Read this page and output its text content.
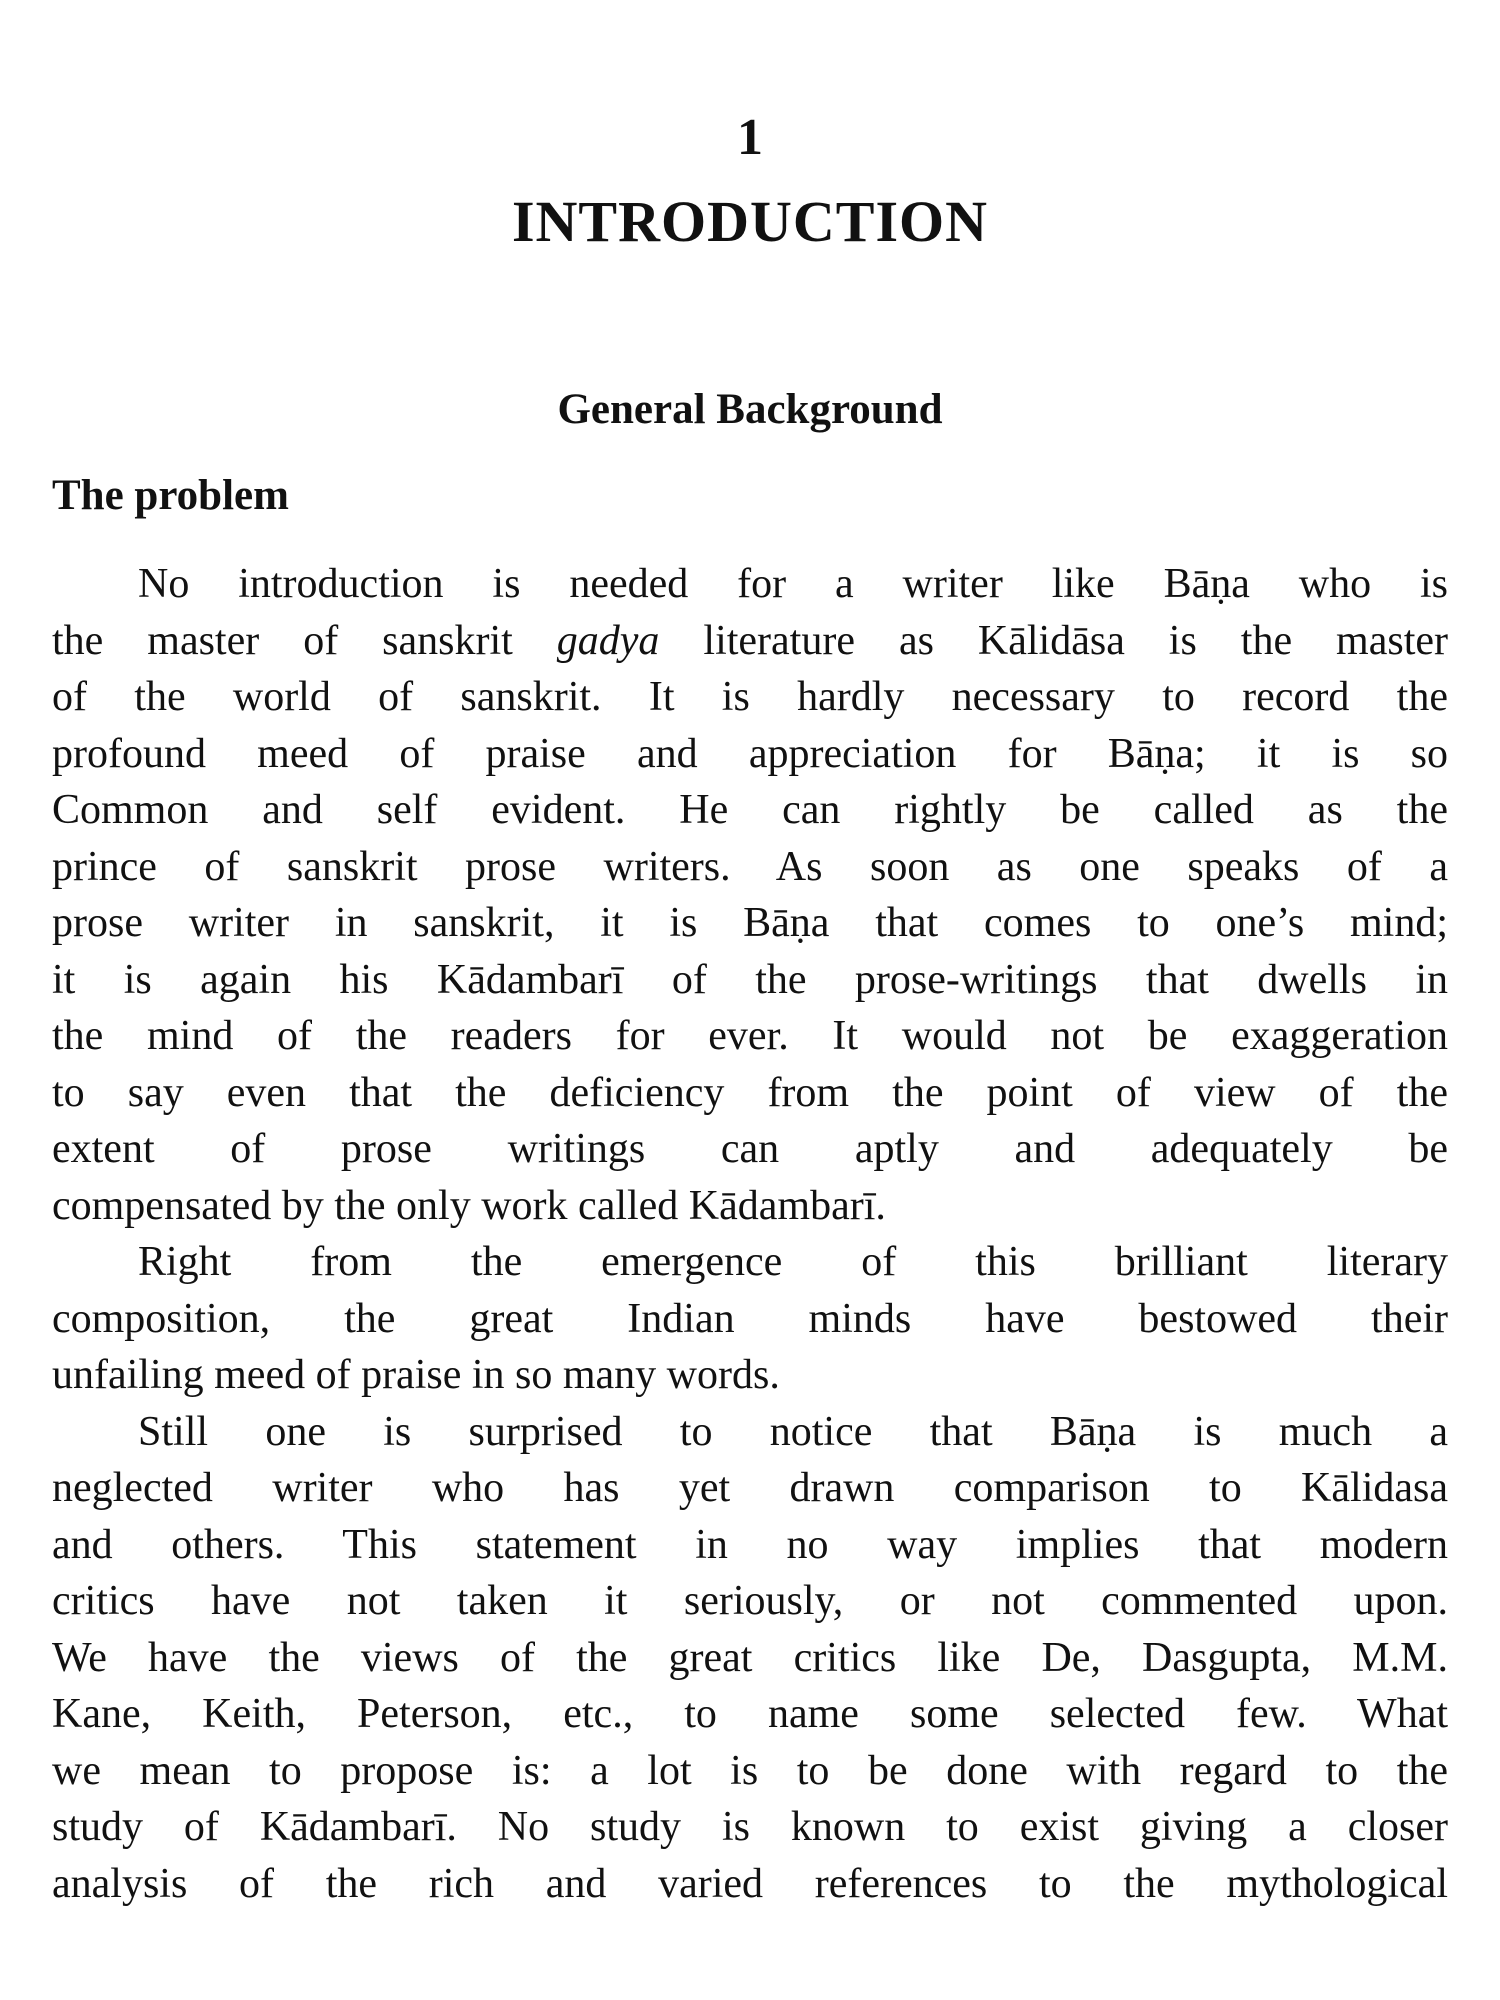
1
INTRODUCTION
General Background
The problem
No introduction is needed for a writer like Bāṇa who is
the master of sanskrit gadya literature as Kālidāsa is the master
of the world of sanskrit. It is hardly necessary to record the
profound meed of praise and appreciation for Bāṇa; it is so
Common and self evident. He can rightly be called as the
prince of sanskrit prose writers. As soon as one speaks of a
prose writer in sanskrit, it is Bāṇa that comes to one’s mind;
it is again his Kādambarī of the prose-writings that dwells in
the mind of the readers for ever. It would not be exaggeration
to say even that the deficiency from the point of view of the
extent of prose writings can aptly and adequately be
compensated by the only work called Kādambarī.
Right from the emergence of this brilliant literary
composition, the great Indian minds have bestowed their
unfailing meed of praise in so many words.
Still one is surprised to notice that Bāṇa is much a
neglected writer who has yet drawn comparison to Kālidasa
and others. This statement in no way implies that modern
critics have not taken it seriously, or not commented upon.
We have the views of the great critics like De, Dasgupta, M.M.
Kane, Keith, Peterson, etc., to name some selected few. What
we mean to propose is: a lot is to be done with regard to the
study of Kādambarī. No study is known to exist giving a closer
analysis of the rich and varied references to the mythological
